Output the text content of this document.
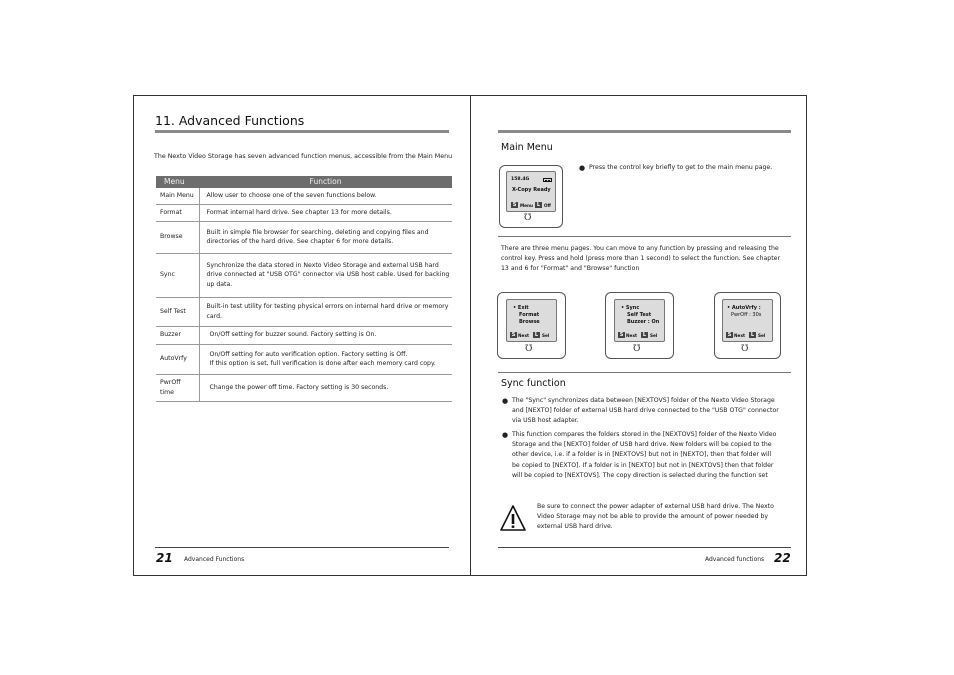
11. Advanced Functions
The Nexto Video Storage has seven advanced function menus, accessible from the Main Menu
Menu	Function
Main Menu	Allow user to choose one of the seven functions below.

Format	Format internal hard drive. See chapter 13 for more details.

Browse	Built in simple file browser for searching, deleting and copying files and
directories of the hard drive. See chapter 6 for more details.

Sync	Synchronize the data stored in Nexto Video Storage and external USB hard
drive connected at "USB OTG" connector via USB host cable. Used for backing
up data.

Self Test	Built-in test utility for testing physical errors on internal hard drive or memory
card.

Buzzer	On/Off setting for buzzer sound. Factory setting is On.

AutoVrfy	On/Off setting for auto verification option. Factory setting is Off.
If this option is set, full verification is done after each memory card copy.

PwrOff
time	Change the power off time. Factory setting is 30 seconds.
21 Advanced Functions
Main Menu
158.4G
X-Copy Ready
S Menu L Off
℧
● Press the control key briefly to get to the main menu page.
There are three menu pages. You can move to any function by pressing and releasing the
control key. Press and hold (press more than 1 second) to select the function. See chapter
13 and 6 for "Format" and "Browse" function
• Exit
Format
Browse
S Next	L Sel
℧
• Sync
Self Test
Buzzer : On
S Next	L Sel
℧
• AutoVrfy :
PwrOff : 30s
S Next	L Sel
℧
Sync function
● The "Sync" synchronizes data between [NEXTOVS] folder of the Nexto Video Storage
and [NEXTO] folder of external USB hard drive connected to the "USB OTG" connector
via USB host adapter.
● This function compares the folders stored in the [NEXTOVS] folder of the Nexto Video
Storage and the [NEXTO] folder of USB hard drive. New folders will be copied to the
other device, i.e. if a folder is in [NEXTOVS] but not in [NEXTO], then that folder will
be copied to [NEXTO]. If a folder is in [NEXTO] but not in [NEXTOVS] then that folder
will be copied to [NEXTOVS]. The copy direction is selected during the function set
Be sure to connect the power adapter of external USB hard drive. The Nexto
Video Storage may not be able to provide the amount of power needed by
external USB hard drive.
Advanced functions 22
